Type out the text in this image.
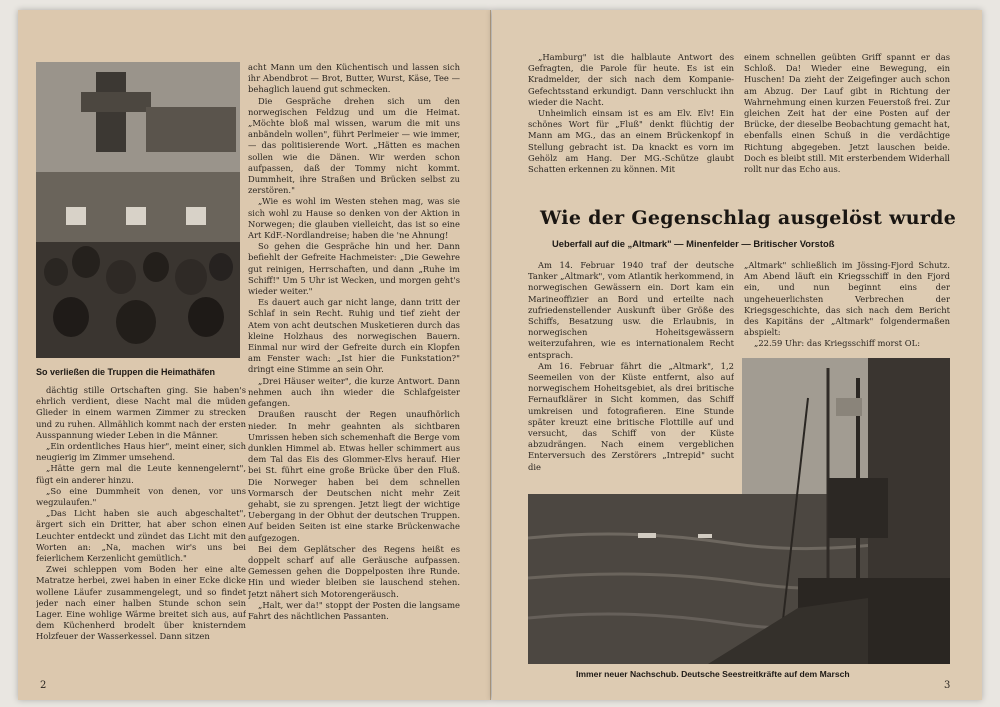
So verließen die Truppen die Heimathäfen

dächtig stille Ortschaften ging. Sie haben's ehrlich verdient, diese Nacht mal die müden Glieder in einem warmen Zimmer zu strecken und zu ruhen. Allmählich kommt nach der ersten Ausspannung wieder Leben in die Männer.

„Ein ordentliches Haus hier", meint einer, sich neugierig im Zimmer umsehend.

„Hätte gern mal die Leute kennengelernt", fügt ein anderer hinzu.

„So eine Dummheit von denen, vor uns wegzulaufen."

„Das Licht haben sie auch abgeschaltet", ärgert sich ein Dritter, hat aber schon einen Leuchter entdeckt und zündet das Licht mit den Worten an: „Na, machen wir's uns bei feierlichem Kerzenlicht gemütlich."

Zwei schleppen vom Boden her eine alte Matratze herbei, zwei haben in einer Ecke dicke wollene Läufer zusammengelegt, und so findet jeder nach einer halben Stunde schon sein Lager. Eine wohlige Wärme breitet sich aus, auf dem Küchenherd brodelt über knisterndem Holzfeuer der Wasserkessel. Dann sitzen

acht Mann um den Küchentisch und lassen sich ihr Abendbrot — Brot, Butter, Wurst, Käse, Tee — behaglich lauend gut schmecken.

Die Gespräche drehen sich um den norwegischen Feldzug und um die Heimat. „Möchte bloß mal wissen, warum die mit uns anbändeln wollen", führt Perlmeier — wie immer, — das politisierende Wort. „Hätten es machen sollen wie die Dänen. Wir werden schon aufpassen, daß der Tommy nicht kommt. Dummheit, ihre Straßen und Brücken selbst zu zerstören."

„Wie es wohl im Westen stehen mag, was sie sich wohl zu Hause so denken von der Aktion in Norwegen; die glauben vielleicht, das ist so eine Art KdF.-Nordlandreise; haben die 'ne Ahnung!

So gehen die Gespräche hin und her. Dann befiehlt der Gefreite Hachmeister: „Die Gewehre gut reinigen, Herrschaften, und dann „Ruhe im Schiff!" Um 5 Uhr ist Wecken, und morgen geht's wieder weiter."

Es dauert auch gar nicht lange, dann tritt der Schlaf in sein Recht. Ruhig und tief zieht der Atem von acht deutschen Musketieren durch das kleine Holzhaus des norwegischen Bauern. Einmal nur wird der Gefreite durch ein Klopfen am Fenster wach: „Ist hier die Funkstation?" dringt eine Stimme an sein Ohr.

„Drei Häuser weiter", die kurze Antwort. Dann nehmen auch ihn wieder die Schlafgeister gefangen.

Draußen rauscht der Regen unaufhörlich nieder. In mehr geahnten als sichtbaren Umrissen heben sich schemenhaft die Berge vom dunklen Himmel ab. Etwas heller schimmert aus dem Tal das Eis des Glommer-Elvs herauf. Hier bei St. führt eine große Brücke über den Fluß. Die Norweger haben bei dem schnellen Vormarsch der Deutschen nicht mehr Zeit gehabt, sie zu sprengen. Jetzt liegt der wichtige Uebergang in der Obhut der deutschen Truppen. Auf beiden Seiten ist eine starke Brückenwache aufgezogen.

Bei dem Geplätscher des Regens heißt es doppelt scharf auf alle Geräusche aufpassen. Gemessen gehen die Doppelposten ihre Runde. Hin und wieder bleiben sie lauschend stehen. Jetzt nähert sich Motorengeräusch.

„Halt, wer da!" stoppt der Posten die langsame Fahrt des nächtlichen Passanten.

2

„Hamburg" ist die halblaute Antwort des Gefragten, die Parole für heute. Es ist ein Kradmelder, der sich nach dem Kompanie-Gefechtsstand erkundigt. Dann verschluckt ihn wieder die Nacht.

Unheimlich einsam ist es am Elv. Elv! Ein schönes Wort für „Fluß" denkt flüchtig der Mann am MG., das an einem Brückenkopf in Stellung gebracht ist. Da knackt es vorn im Gehölz am Hang. Der MG.-Schütze glaubt Schatten erkennen zu können. Mit

einem schnellen geübten Griff spannt er das Schloß. Da! Wieder eine Bewegung, ein Huschen! Da zieht der Zeigefinger auch schon am Abzug. Der Lauf gibt in Richtung der Wahrnehmung einen kurzen Feuerstoß frei. Zur gleichen Zeit hat der eine Posten auf der Brücke, der dieselbe Beobachtung gemacht hat, ebenfalls einen Schuß in die verdächtige Richtung abgegeben. Jetzt lauschen beide. Doch es bleibt still. Mit ersterbendem Widerhall rollt nur das Echo aus.

Wie der Gegenschlag ausgelöst wurde
Ueberfall auf die „Altmark" — Minenfelder — Britischer Vorstoß

Am 14. Februar 1940 traf der deutsche Tanker „Altmark", vom Atlantik herkommend, in norwegischen Gewässern ein. Dort kam ein Marineoffizier an Bord und erteilte nach zufriedenstellender Auskunft über Größe des Schiffs, Besatzung usw. die Erlaubnis, in norwegischen Hoheitsgewässern weiterzufahren, wie es internationalem Recht entsprach.

Am 16. Februar fährt die „Altmark", 1,2 Seemeilen von der Küste entfernt, also auf norwegischem Hoheitsgebiet, als drei britische Fernaufklärer in Sicht kommen, das Schiff umkreisen und fotografieren. Eine Stunde später kreuzt eine britische Flottille auf und versucht, das Schiff von der Küste abzudrängen. Nach einem vergeblichen Enterversuch des Zerstörers „Intrepid" sucht die

„Altmark" schließlich im Jössing-Fjord Schutz. Am Abend läuft ein Kriegsschiff in den Fjord ein, und nun beginnt eins der ungeheuerlichsten Verbrechen der Kriegsgeschichte, das sich nach dem Bericht des Kapitäns der „Altmark" folgendermaßen abspielt:

„22.59 Uhr: das Kriegsschiff morst OL:

Immer neuer Nachschub. Deutsche Seestreitkräfte auf dem Marsch
3
